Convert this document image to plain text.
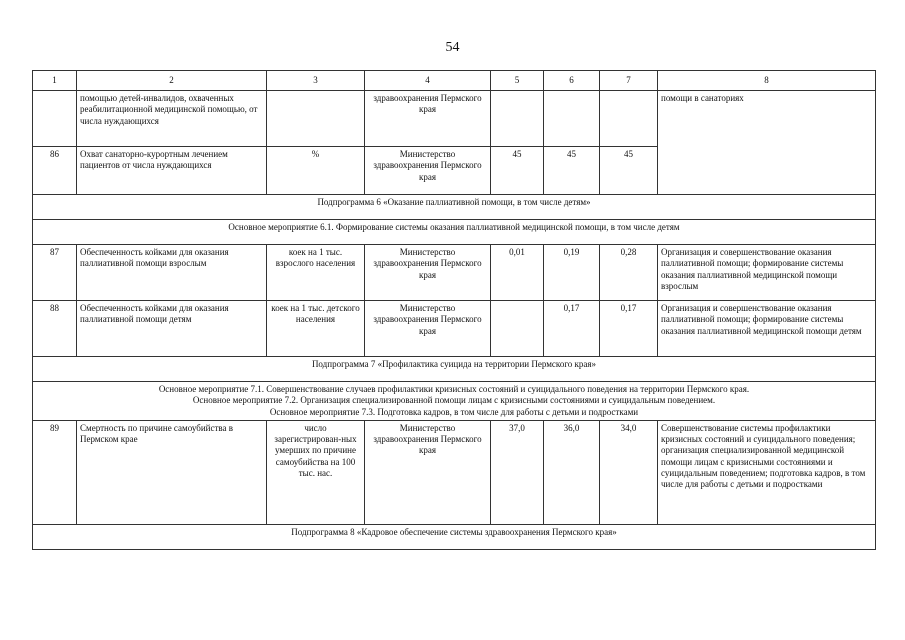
54
1	2	3	4	5	6	7	8
	помощью детей-инвалидов, охваченных реабилитационной медицинской помощью, от числа нуждающихся		здравоохранения Пермского края				помощи в санаториях
86	Охват санаторно-курортным лечением пациентов от числа нуждающихся	%	Министерство здравоохранения Пермского края	45	45	45	
Подпрограмма 6 «Оказание паллиативной помощи, в том числе детям»							
Основное мероприятие 6.1. Формирование системы оказания паллиативной медицинской помощи, в том числе детям							
87	Обеспеченность койками для оказания паллиативной помощи взрослым	коек на 1 тыс. взрослого населения	Министерство здравоохранения Пермского края	0,01	0,19	0,28	Организация и совершенствование оказания паллиативной помощи; формирование системы оказания паллиативной медицинской помощи взрослым
88	Обеспеченность койками для оказания паллиативной помощи детям	коек на 1 тыс. детского населения	Министерство здравоохранения Пермского края		0,17	0,17	Организация и совершенствование оказания паллиативной помощи; формирование системы оказания паллиативной медицинской помощи детям
Подпрограмма 7 «Профилактика суицида на территории Пермского края»							

Основное мероприятие 7.1. Совершенствование случаев профилактики кризисных состояний и суицидального поведения на территории Пермского края.
Основное мероприятие 7.2. Организация специализированной помощи лицам с кризисными состояниями и суицидальным поведением.
Основное мероприятие 7.3. Подготовка кадров, в том числе для работы с детьми и подростками							

89	Смертность по причине самоубийства в Пермском крае	число зарегистрирован-ных умерших по причине самоубийства на 100 тыс. нас.	Министерство здравоохранения Пермского края	37,0	36,0	34,0	Совершенствование системы профилактики кризисных состояний и суицидального поведения; организация специализированной медицинской помощи лицам с кризисными состояниями и суицидальным поведением; подготовка кадров, в том числе для работы с детьми и подростками
Подпрограмма 8 «Кадровое обеспечение системы здравоохранения Пермского края»							
